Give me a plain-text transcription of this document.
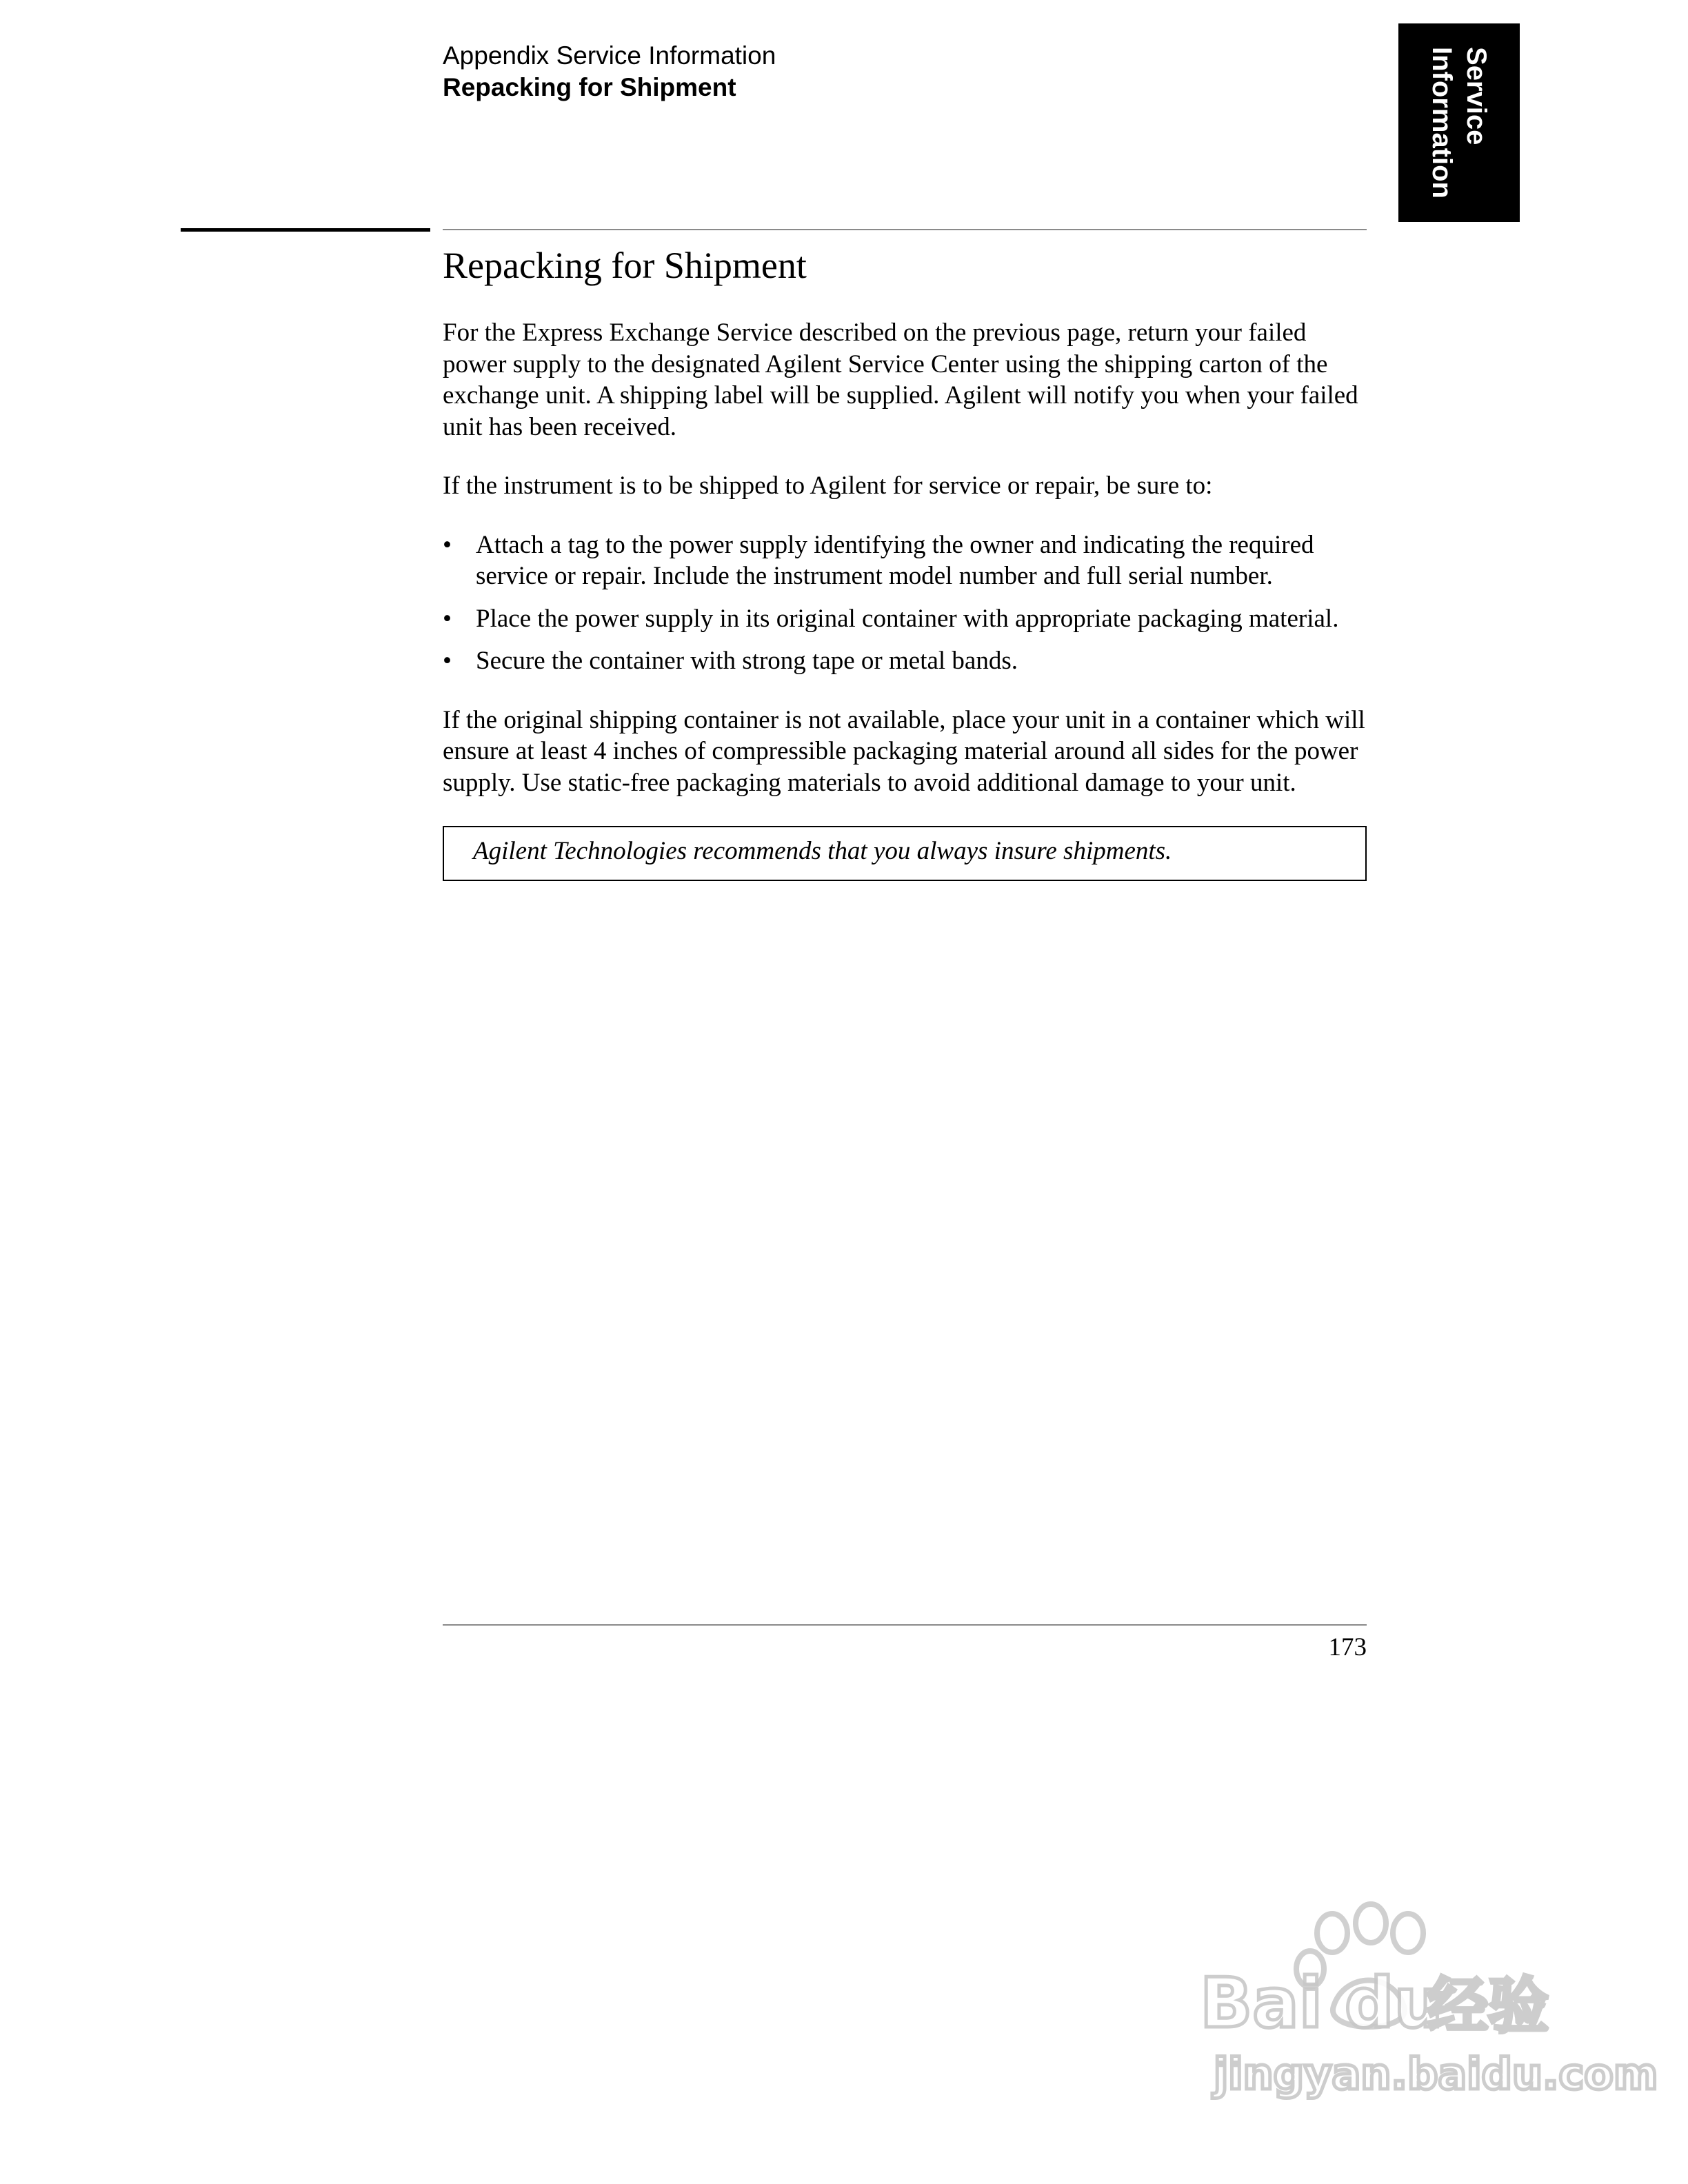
Appendix Service Information
Repacking for Shipment	Service
Information
Repacking for Shipment

For the Express Exchange Service described on the previous page, return your failed power supply to the designated Agilent Service Center using the shipping carton of the exchange unit. A shipping label will be supplied. Agilent will notify you when your failed unit has been received.

If the instrument is to be shipped to Agilent for service or repair, be sure to:

• Attach a tag to the power supply identifying the owner and indicating the required service or repair. Include the instrument model number and full serial number.
• Place the power supply in its original container with appropriate packaging material.
• Secure the container with strong tape or metal bands.

If the original shipping container is not available, place your unit in a container which will ensure at least 4 inches of compressible packaging material around all sides for the power supply. Use static-free packaging materials to avoid additional damage to your unit.

Agilent Technologies recommends that you always insure shipments.
173
Bai du
经验
jingyan.baidu.com
